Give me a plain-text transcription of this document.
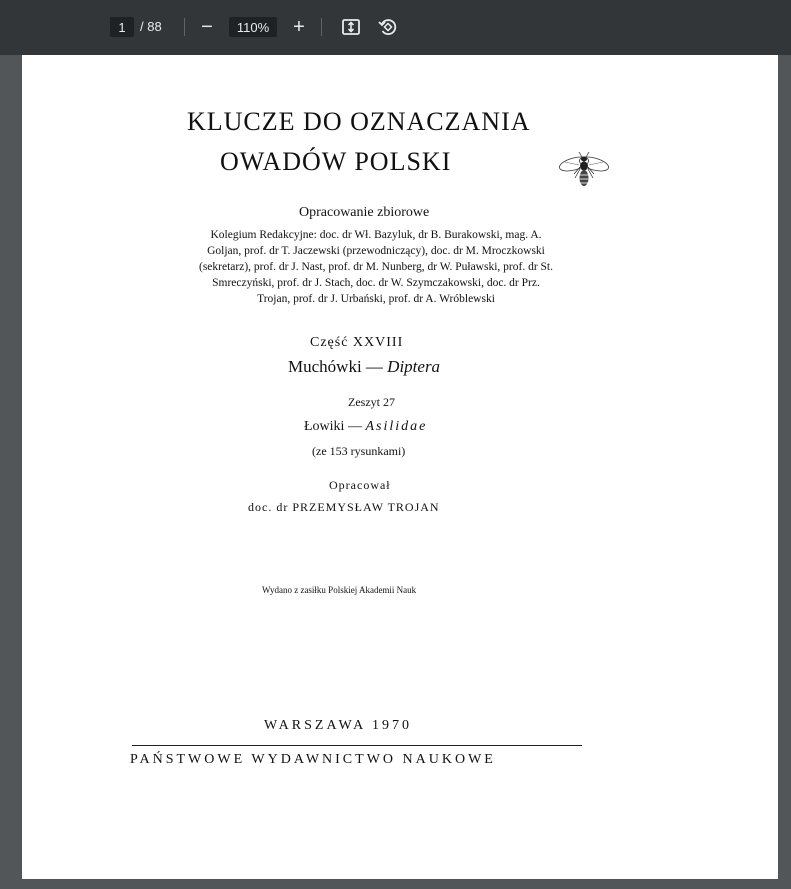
1	/ 88	−	110%	+
KLUCZE DO OZNACZANIA
OWADÓW POLSKI
Opracowanie zbiorowe
Kolegium Redakcyjne: doc. dr Wł. Bazyluk, dr B. Burakowski, mag. A. Goljan, prof. dr T. Jaczewski (przewodniczący), doc. dr M. Mroczkowski (sekretarz), prof. dr J. Nast, prof. dr M. Nunberg, dr W. Puławski, prof. dr St. Smreczyński, prof. dr J. Stach, doc. dr W. Szymczakowski, doc. dr Prz. Trojan, prof. dr J. Urbański, prof. dr A. Wróblewski
Część XXVIII
Muchówki — Diptera
Zeszyt 27
Łowiki — Asilidae
(ze 153 rysunkami)
Opracował
doc. dr PRZEMYSŁAW TROJAN
Wydano z zasiłku Polskiej Akademii Nauk
WARSZAWA 1970
PAŃSTWOWE WYDAWNICTWO NAUKOWE
